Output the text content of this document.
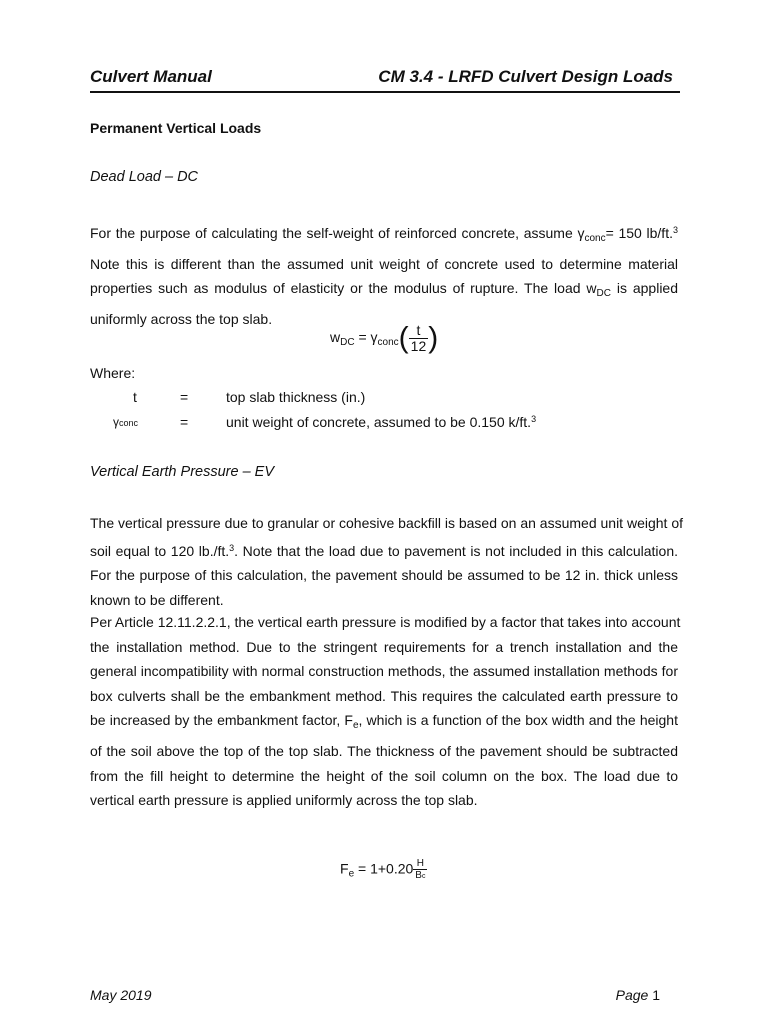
Culvert Manual	CM 3.4 - LRFD Culvert Design Loads
Permanent Vertical Loads
Dead Load – DC
For the purpose of calculating the self-weight of reinforced concrete, assume $\gamma_{conc}= 150$ lb/ft.$^3$
Note this is different than the assumed unit weight of concrete used to determine material
properties such as modulus of elasticity or the modulus of rupture. The load $w_{DC}$ is applied
uniformly across the top slab.
$w_{DC} = \gamma_{conc}( \frac{t}{12}$ )
Where:
t	=	top slab thickness (in.)
γconc	=	unit weight of concrete, assumed to be 0.150 k/ft.$^3$
Vertical Earth Pressure – EV
The vertical pressure due to granular or cohesive backfill is based on an assumed unit weight of
soil equal to 120 lb./ft.$^3$. Note that the load due to pavement is not included in this calculation.
For the purpose of this calculation, the pavement should be assumed to be 12 in. thick unless
known to be different.
Per Article 12.11.2.2.1, the vertical earth pressure is modified by a factor that takes into account
the installation method. Due to the stringent requirements for a trench installation and the
general incompatibility with normal construction methods, the assumed installation methods for
box culverts shall be the embankment method. This requires the calculated earth pressure to
be increased by the embankment factor, $F_e$, which is a function of the box width and the height
of the soil above the top of the top slab. The thickness of the pavement should be subtracted
from the fill height to determine the height of the soil column on the box. The load due to
vertical earth pressure is applied uniformly across the top slab.
$F_e = 1+0.20 \frac{H}{Bc}$
May 2019	Page 1
